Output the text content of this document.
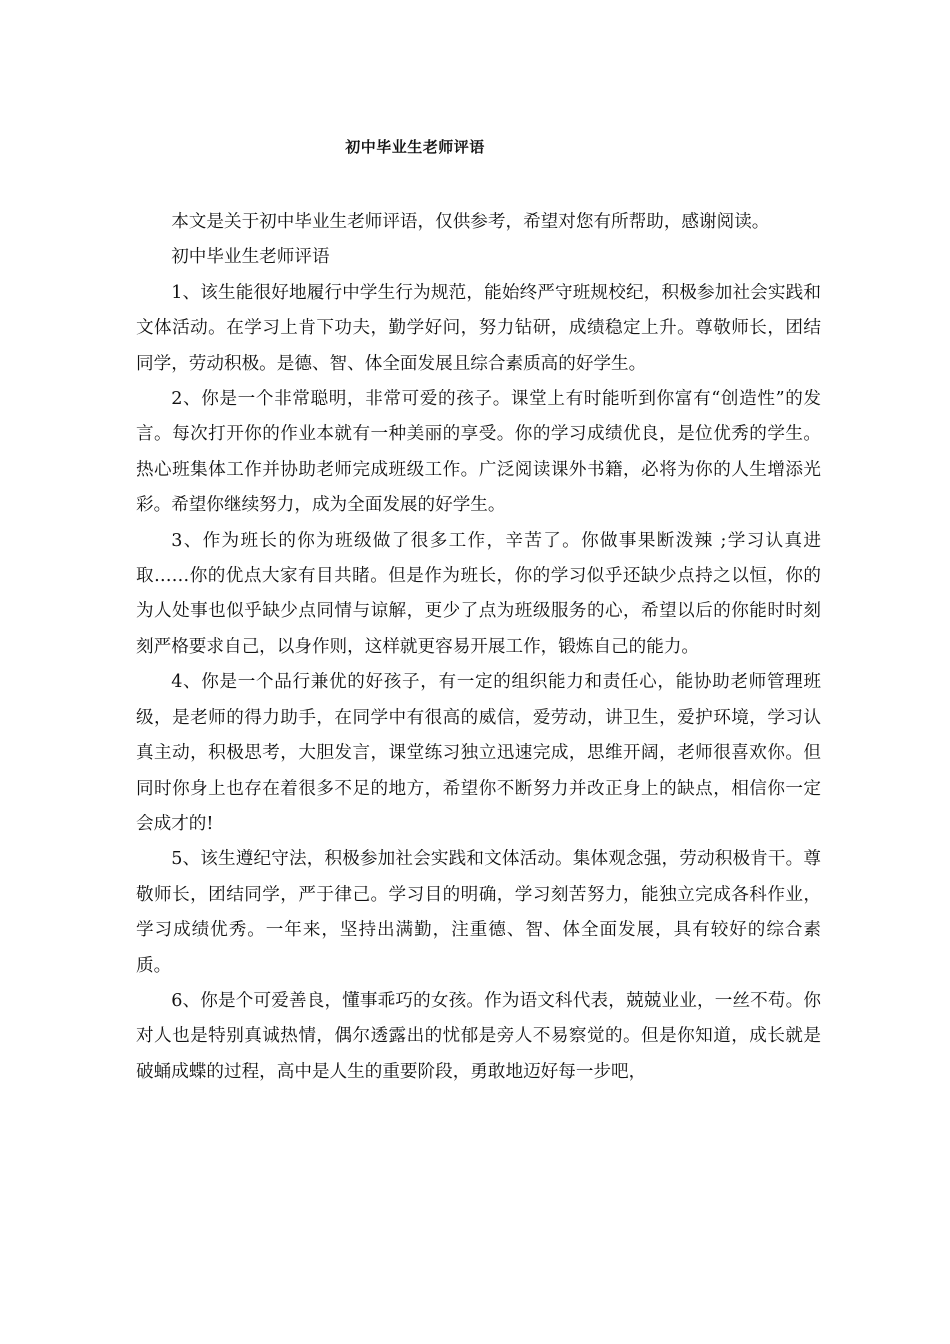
初中毕业生老师评语

本文是关于初中毕业生老师评语，仅供参考，希望对您有所帮助，感谢阅读。

初中毕业生老师评语

1、该生能很好地履行中学生行为规范，能始终严守班规校纪，积极参加社会实践和文体活动。在学习上肯下功夫，勤学好问，努力钻研，成绩稳定上升。尊敬师长，团结同学，劳动积极。是德、智、体全面发展且综合素质高的好学生。

2、你是一个非常聪明，非常可爱的孩子。课堂上有时能听到你富有“创造性”的发言。每次打开你的作业本就有一种美丽的享受。你的学习成绩优良，是位优秀的学生。热心班集体工作并协助老师完成班级工作。广泛阅读课外书籍，必将为你的人生增添光彩。希望你继续努力，成为全面发展的好学生。

3、作为班长的你为班级做了很多工作，辛苦了。你做事果断泼辣 ;学习认真进取……你的优点大家有目共睹。但是作为班长，你的学习似乎还缺少点持之以恒，你的为人处事也似乎缺少点同情与谅解，更少了点为班级服务的心，希望以后的你能时时刻刻严格要求自己，以身作则，这样就更容易开展工作，锻炼自己的能力。

4、你是一个品行兼优的好孩子，有一定的组织能力和责任心，能协助老师管理班级，是老师的得力助手，在同学中有很高的威信，爱劳动，讲卫生，爱护环境，学习认真主动，积极思考，大胆发言，课堂练习独立迅速完成，思维开阔，老师很喜欢你。但同时你身上也存在着很多不足的地方，希望你不断努力并改正身上的缺点，相信你一定会成才的!

5、该生遵纪守法，积极参加社会实践和文体活动。集体观念强，劳动积极肯干。尊敬师长，团结同学，严于律己。学习目的明确，学习刻苦努力，能独立完成各科作业，学习成绩优秀。一年来，坚持出满勤，注重德、智、体全面发展，具有较好的综合素质。

6、你是个可爱善良，懂事乖巧的女孩。作为语文科代表，兢兢业业，一丝不苟。你对人也是特别真诚热情，偶尔透露出的忧郁是旁人不易察觉的。但是你知道，成长就是破蛹成蝶的过程，高中是人生的重要阶段，勇敢地迈好每一步吧，
